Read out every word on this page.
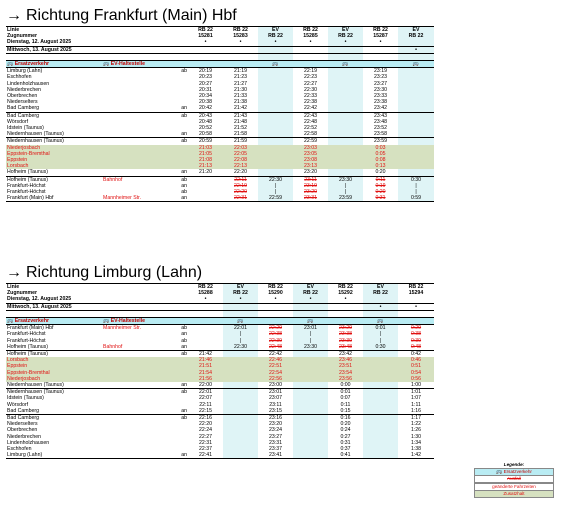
→ Richtung Frankfurt (Main) Hbf
Linie			RB 22	RB 22	EV	RB 22	EV	RB 22	EV
Zugnummer			15281	15283	RB 22	15285	RB 22	15287	RB 22
Dienstag, 12. August 2025			•	•	•	•	•	•	
Mittwoch, 13. August 2025									•

🚌 Ersatzverkehr	🚌 EV-Haltestelle				🚌		🚌		🚌
Limburg (Lahn)		ab	20:19	21:19		22:19		23:19	
Eschhofen			20:23	21:23		22:23		23:23	
Lindenholzhausen			20:27	21:27		22:27		23:27	
Niederbrechen			20:31	21:30		22:30		23:30	
Oberbrechen			20:34	21:33		22:33		23:33	
Niederselters			20:38	21:38		22:38		23:38	
Bad Camberg		an	20:42	21:42		22:42		23:42	
Bad Camberg		ab	20:43	21:43		22:43		23:43	
Wörsdorf			20:48	21:48		22:48		23:48	
Idstein (Taunus)			20:52	21:52		22:52		23:52	
Niedernhausen (Taunus)		an	20:58	21:58		22:58		23:58	
Niedernhausen (Taunus)		ab	20:59	21:59		22:59		23:59	
Niederjosbach			21:03	22:03		23:03		0:03	
Eppstein-Bremthal			21:05	22:05		23:05		0:05	
Eppstein			21:08	22:08		23:08		0:08	
Lorsbach			21:13	22:13		23:13		0:13	
Hofheim (Taunus)		an	21:20	22:20		23:20		0:20	
Hofheim (Taunus)	Bahnhof	ab		22:11	22:30	23:11	23:30	0:11	0:30
Frankfurt-Höchst		an		22:19	|	23:19	|	0:19	|
Frankfurt-Höchst		ab		22:20	|	23:20	|	0:20	|
Frankfurt (Main) Hbf	Mannheimer Str.	an		22:31	22:59	23:31	23:59	0:31	0:59
→ Richtung Limburg (Lahn)
Linie			RB 22	EV	RB 22	EV	RB 22	EV	RB 22
Zugnummer			15288	RB 22	15290	RB 22	15292	RB 22	15294
Dienstag, 12. August 2025			•	•	•	•	•		
Mittwoch, 13. August 2025								•	•

🚌 Ersatzverkehr	🚌 EV-Haltestelle			🚌		🚌		🚌	
Frankfurt (Main) Hbf	Mannheimer Str.	ab		22:01	22:29	23:01	23:29	0:01	0:29
Frankfurt-Höchst		an		|	22:38	|	23:38	|	0:38
Frankfurt-Höchst		ab		|	22:39	|	23:39	|	0:39
Hofheim (Taunus)	Bahnhof	an		22:30	22:48	23:30	23:48	0:30	0:48
Hofheim (Taunus)		ab	21:42		22:42		23:42		0:42
Lorsbach			21:46		22:46		23:46		0:46
Eppstein			21:51		22:51		23:51		0:51
Eppstein-Bremthal			21:54		22:54		23:54		0:54
Niederjosbach			21:56		22:56		23:56		0:56
Niedernhausen (Taunus)		an	22:00		23:00		0:00		1:00
Niedernhausen (Taunus)		ab	22:01		23:01		0:01		1:01
Idstein (Taunus)			22:07		23:07		0:07		1:07
Wörsdorf			22:11		23:11		0:11		1:11
Bad Camberg		an	22:15		23:15		0:15		1:16
Bad Camberg		ab	22:16		23:16		0:16		1:17
Niederselters			22:20		23:20		0:20		1:22
Oberbrechen			22:24		23:24		0:24		1:26
Niederbrechen			22:27		23:27		0:27		1:30
Lindenholzhausen			22:31		23:31		0:31		1:34
Eschhofen			22:37		23:37		0:37		1:38
Limburg (Lahn)		an	22:41		23:41		0:41		1:42
Legende:
🚌 Ersatzverkehr
Ausfall
geänderte Fahrzeiten
Zusatzhalt
